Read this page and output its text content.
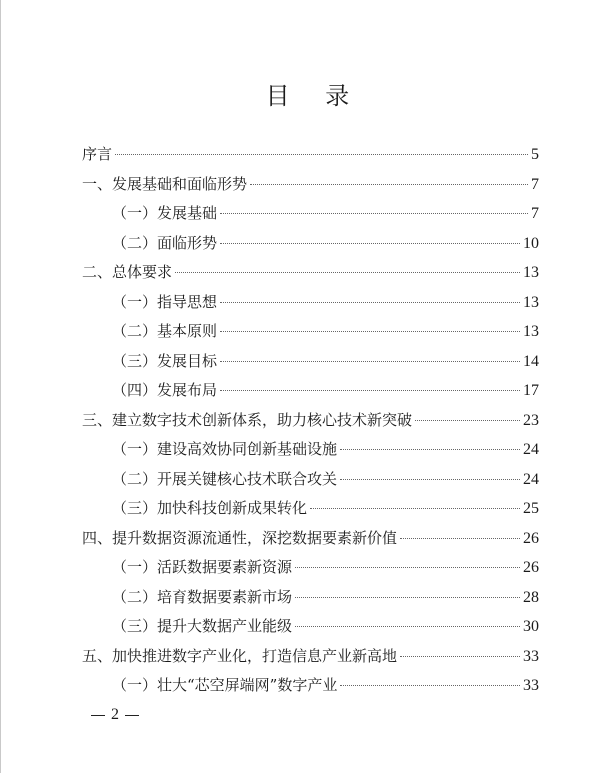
目 录
序言	5
一、发展基础和面临形势	7
（一）发展基础	7
（二）面临形势	10
二、总体要求	13
（一）指导思想	13
（二）基本原则	13
（三）发展目标	14
（四）发展布局	17
三、建立数字技术创新体系，助力核心技术新突破	23
（一）建设高效协同创新基础设施	24
（二）开展关键核心技术联合攻关	24
（三）加快科技创新成果转化	25
四、提升数据资源流通性，深挖数据要素新价值	26
（一）活跃数据要素新资源	26
（二）培育数据要素新市场	28
（三）提升大数据产业能级	30
五、加快推进数字产业化，打造信息产业新高地	33
（一）壮大“芯空屏端网”数字产业	33
2
